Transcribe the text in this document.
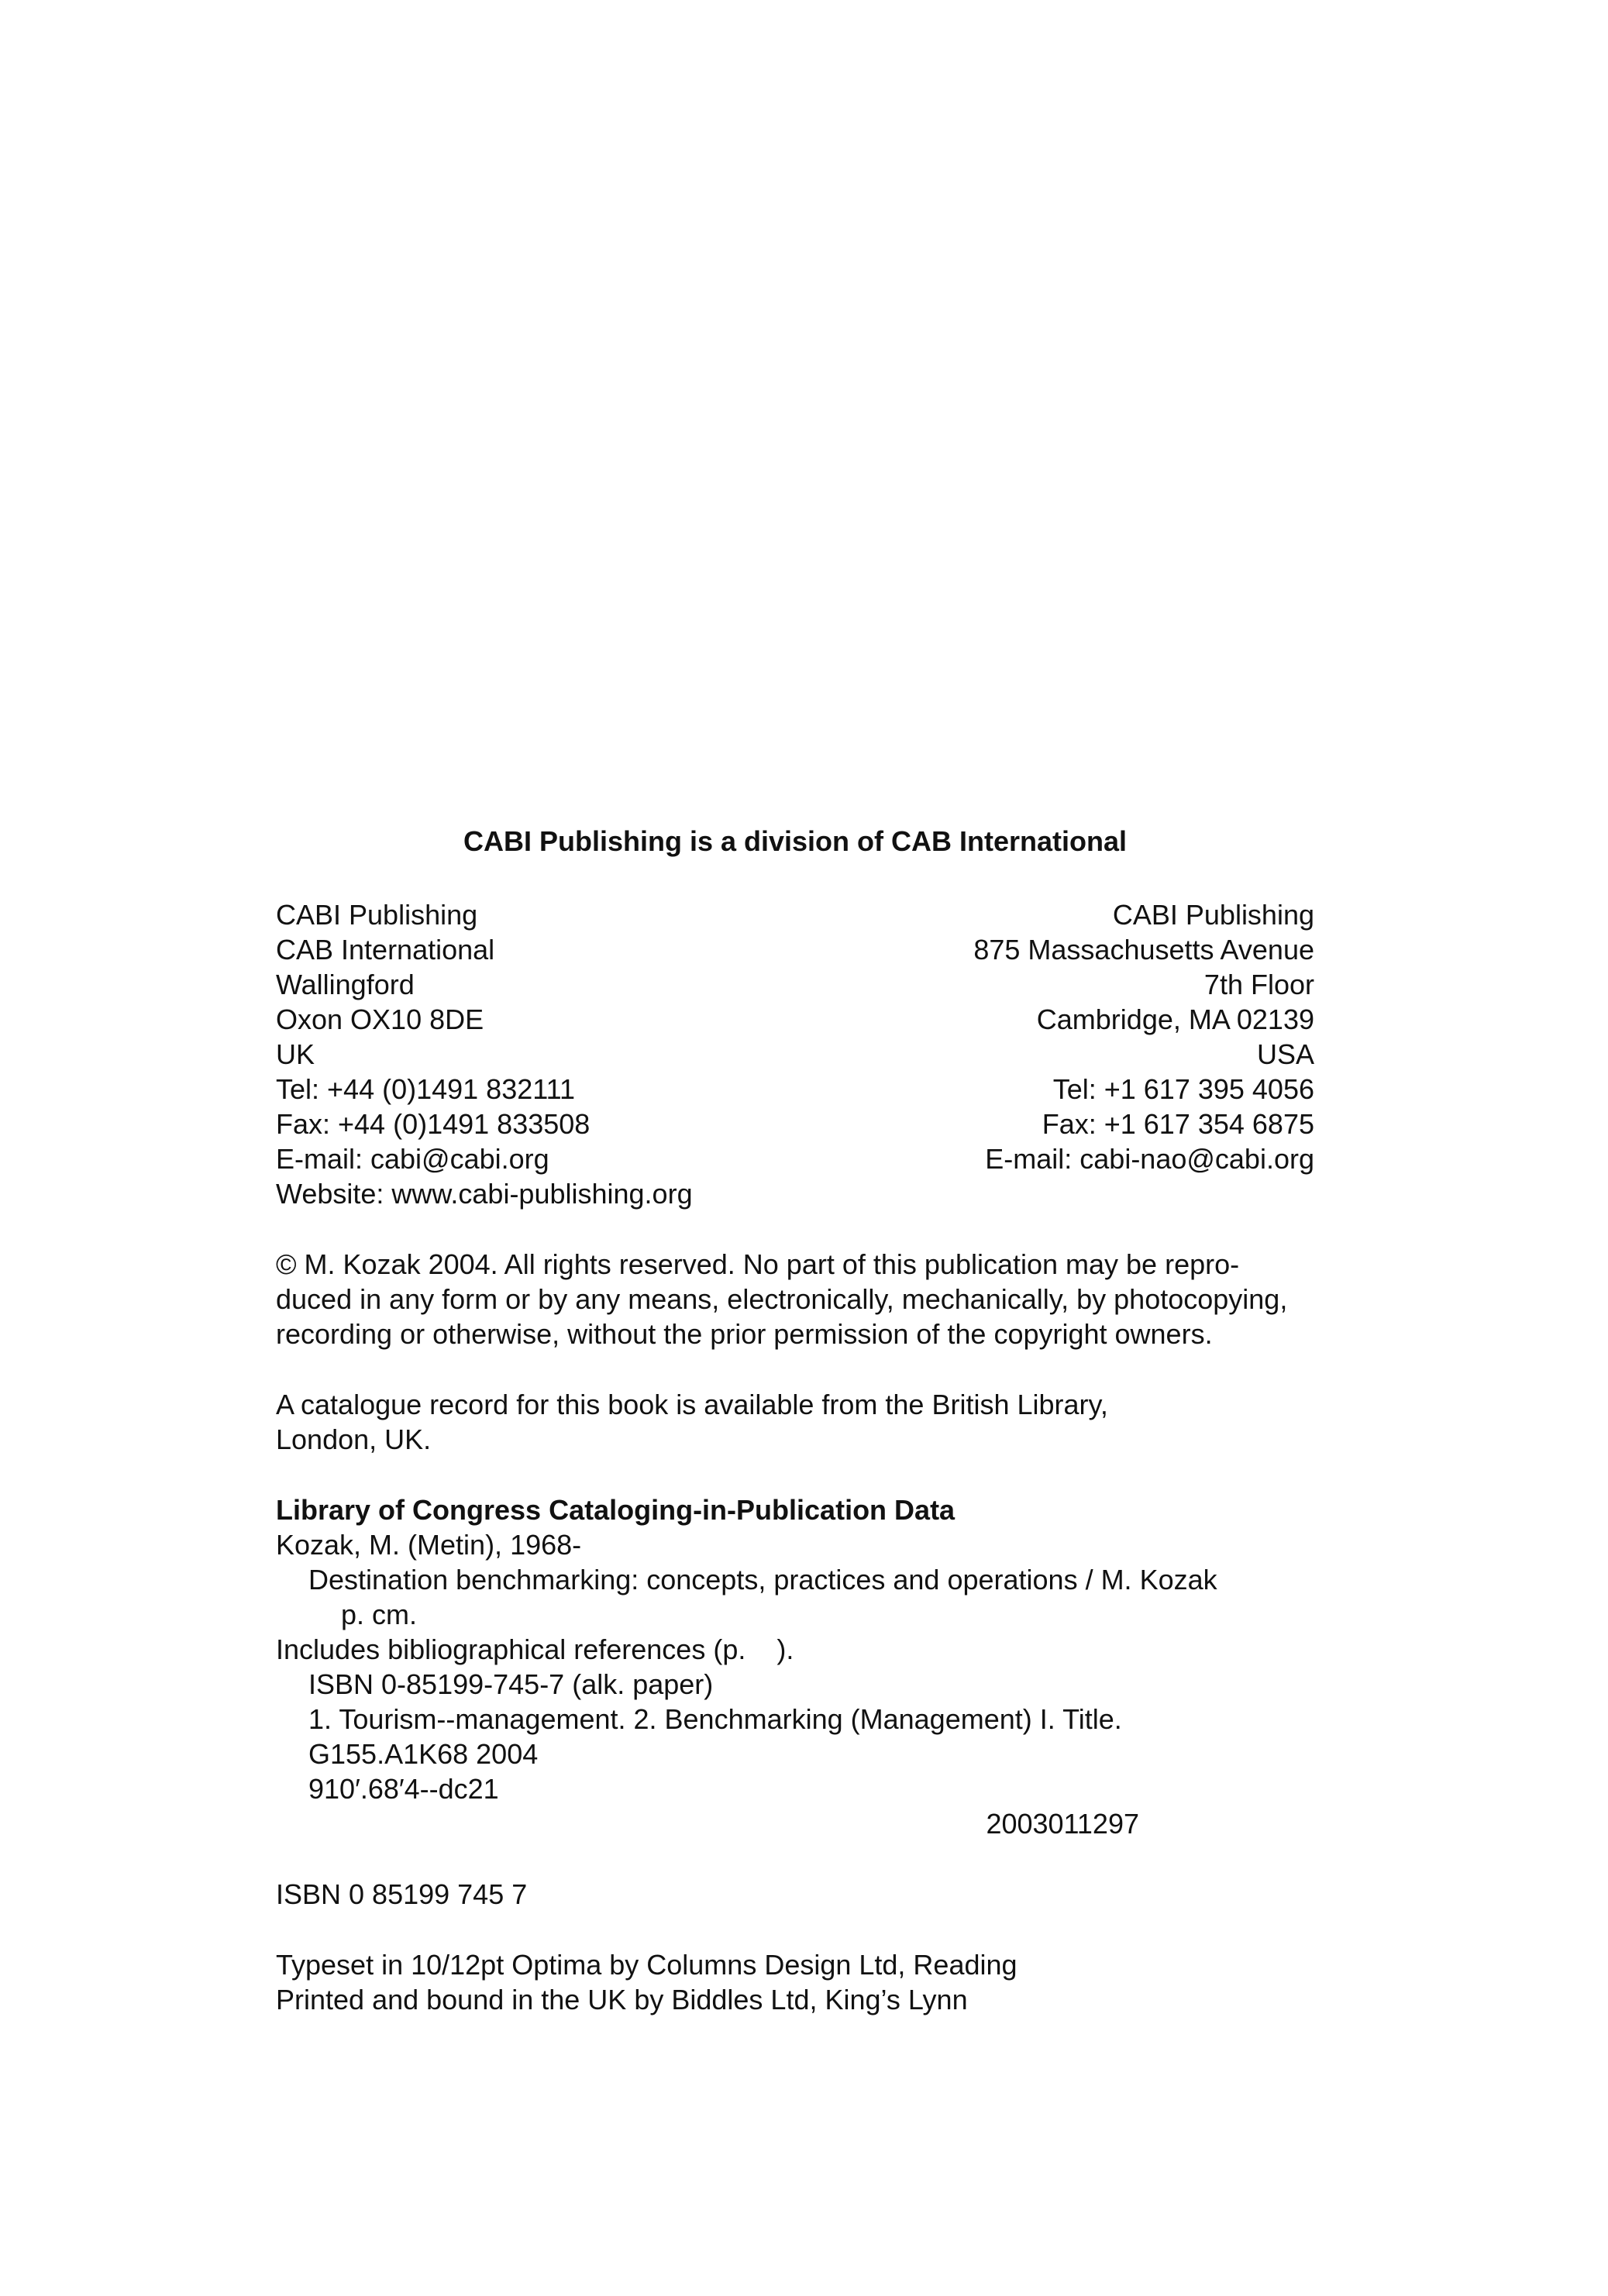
CABI Publishing is a division of CAB International
CABI Publishing
CAB International
Wallingford
Oxon OX10 8DE
UK
Tel: +44 (0)1491 832111
Fax: +44 (0)1491 833508
E-mail: cabi@cabi.org
Website: www.cabi-publishing.org
CABI Publishing
875 Massachusetts Avenue
7th Floor
Cambridge, MA 02139
USA
Tel: +1 617 395 4056
Fax: +1 617 354 6875
E-mail: cabi-nao@cabi.org
© M. Kozak 2004. All rights reserved. No part of this publication may be repro-
duced in any form or by any means, electronically, mechanically, by photocopying,
recording or otherwise, without the prior permission of the copyright owners.
A catalogue record for this book is available from the British Library,
London, UK.
Library of Congress Cataloging-in-Publication Data
Kozak, M. (Metin), 1968-
Destination benchmarking: concepts, practices and operations / M. Kozak
p. cm.
Includes bibliographical references (p.    ).
ISBN 0-85199-745-7 (alk. paper)
1. Tourism--management. 2. Benchmarking (Management) I. Title.
G155.A1K68 2004
910′.68′4--dc21
2003011297
ISBN 0 85199 745 7
Typeset in 10/12pt Optima by Columns Design Ltd, Reading
Printed and bound in the UK by Biddles Ltd, King’s Lynn
